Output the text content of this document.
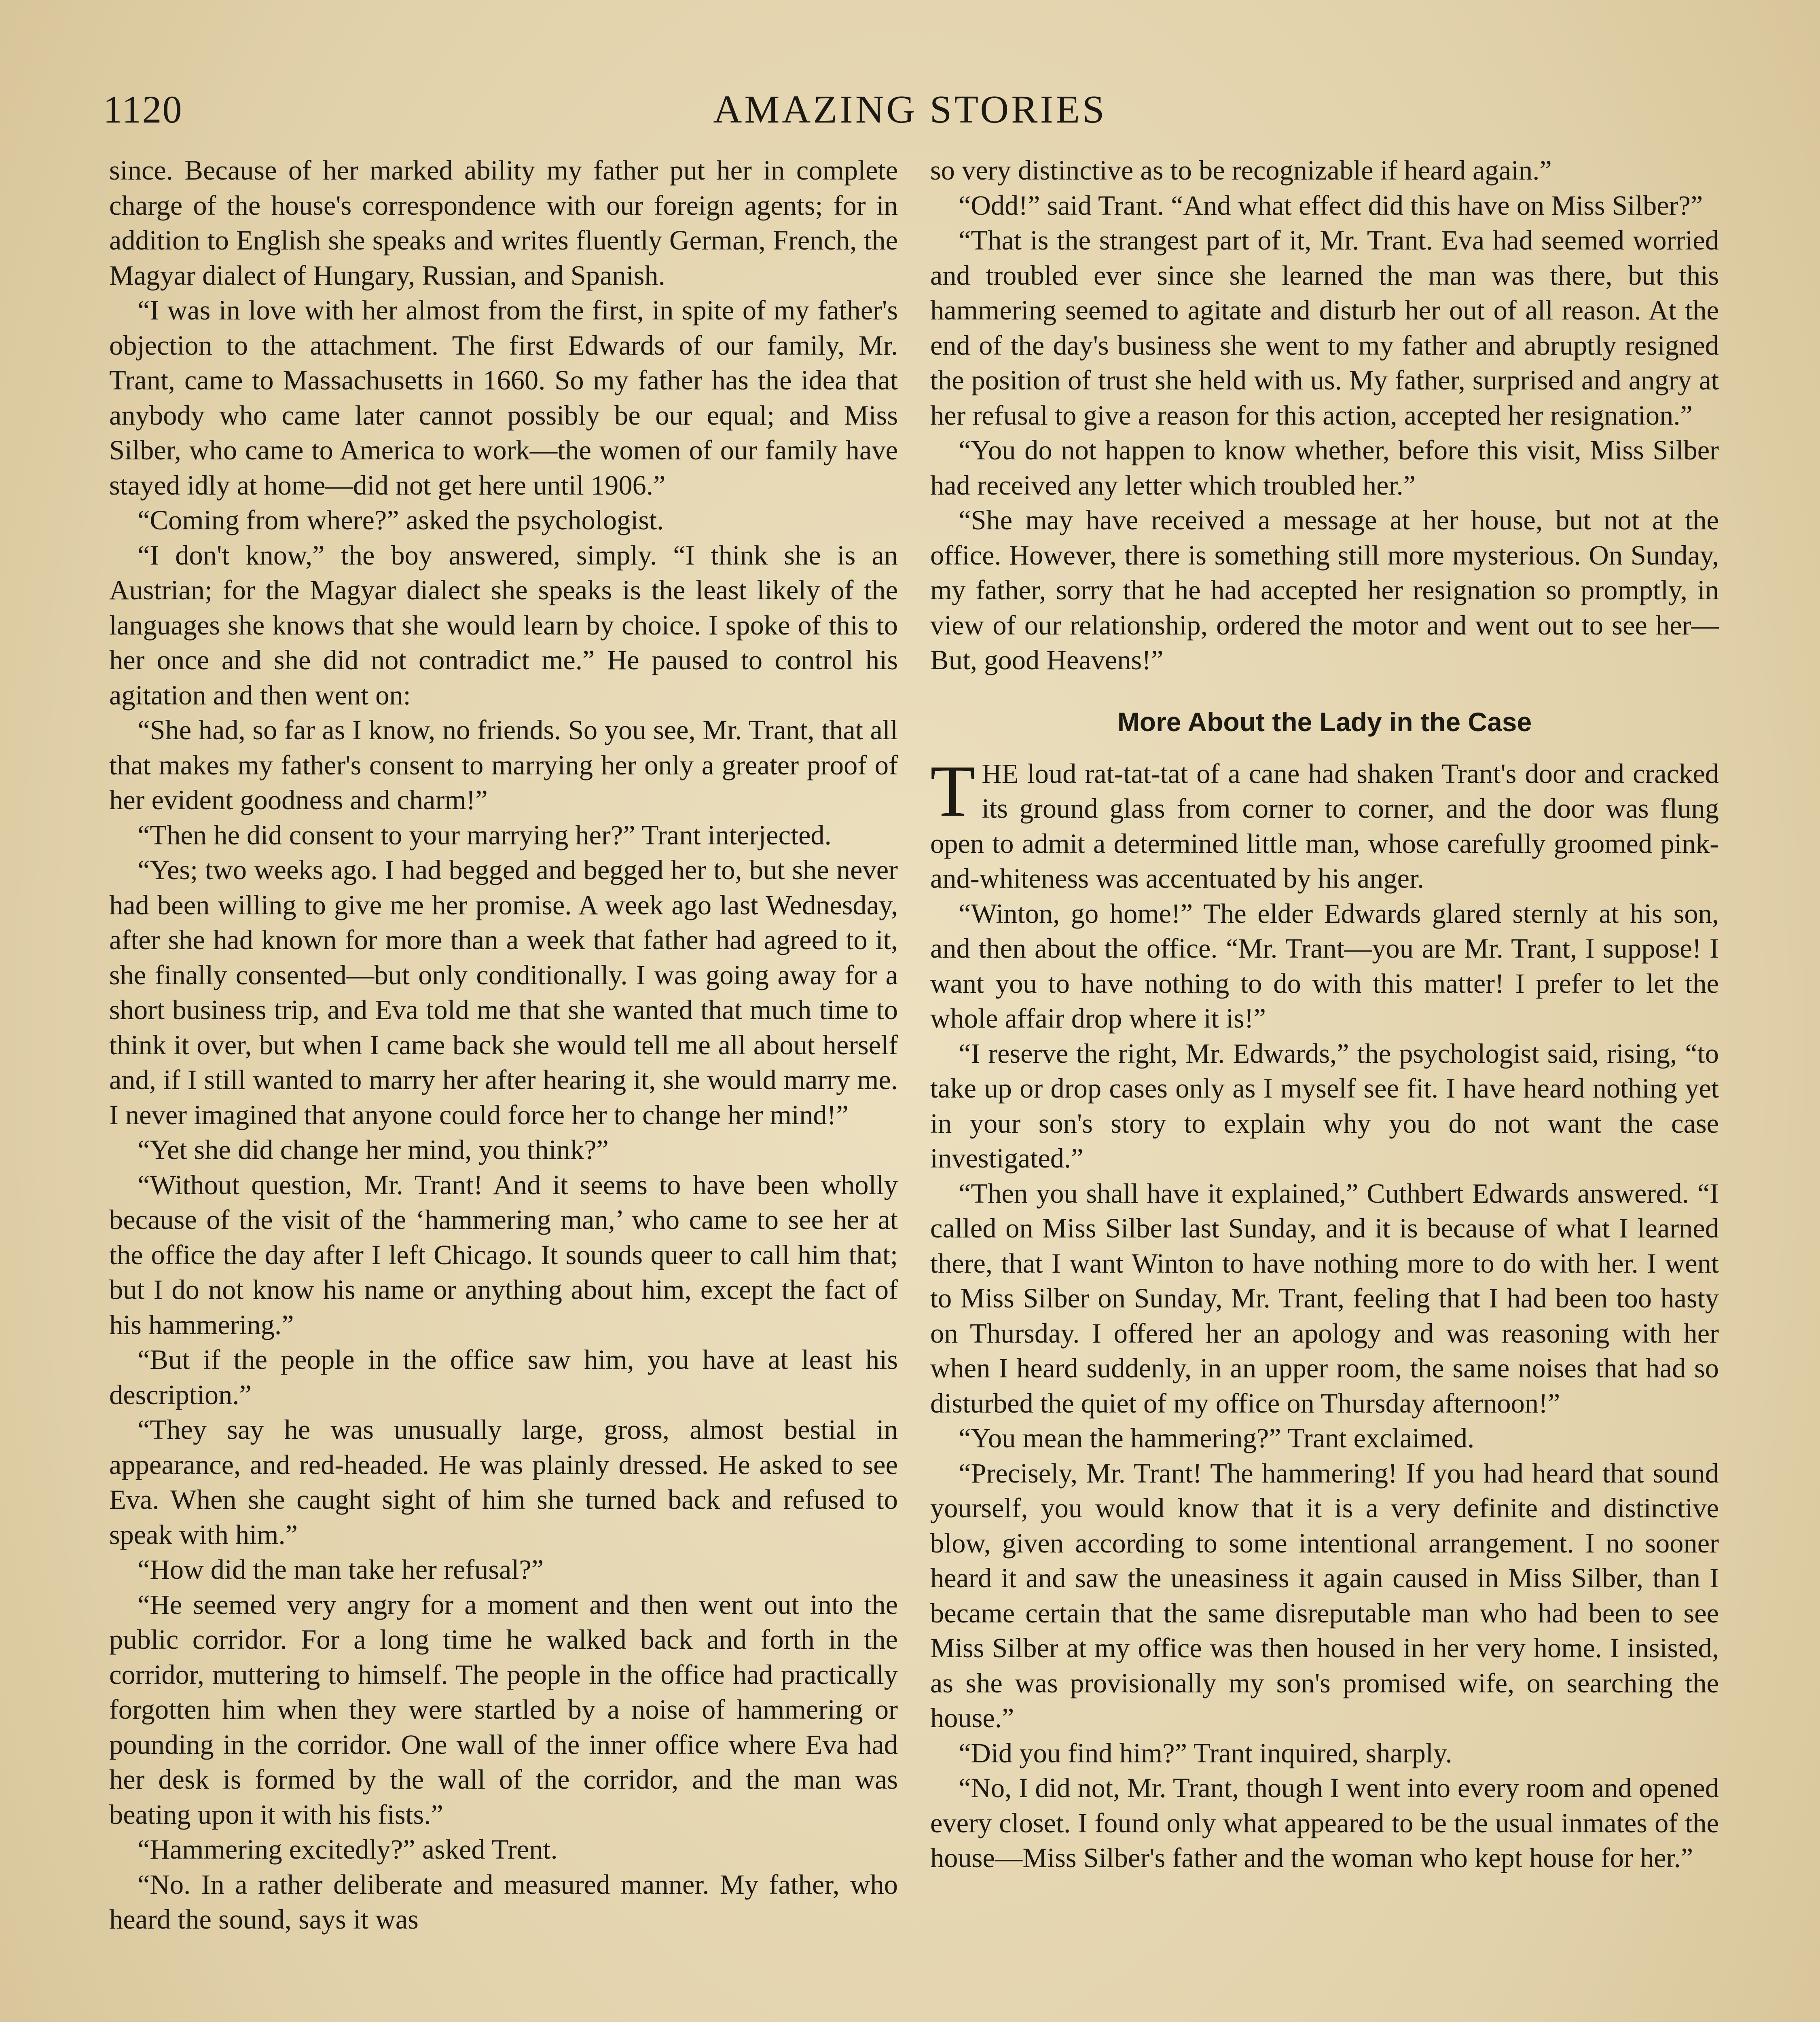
1120	AMAZING STORIES

since. Because of her marked ability my father put her in complete charge of the house's correspondence with our foreign agents; for in addition to English she speaks and writes fluently German, French, the Magyar dialect of Hungary, Russian, and Spanish.

“I was in love with her almost from the first, in spite of my father's objection to the attachment. The first Edwards of our family, Mr. Trant, came to Massachusetts in 1660. So my father has the idea that anybody who came later cannot possibly be our equal; and Miss Silber, who came to America to work—the women of our family have stayed idly at home—did not get here until 1906.”

“Coming from where?” asked the psychologist.

“I don't know,” the boy answered, simply. “I think she is an Austrian; for the Magyar dialect she speaks is the least likely of the languages she knows that she would learn by choice. I spoke of this to her once and she did not contradict me.” He paused to control his agitation and then went on:

“She had, so far as I know, no friends. So you see, Mr. Trant, that all that makes my father's consent to marrying her only a greater proof of her evident goodness and charm!”

“Then he did consent to your marrying her?” Trant interjected.

“Yes; two weeks ago. I had begged and begged her to, but she never had been willing to give me her promise. A week ago last Wednesday, after she had known for more than a week that father had agreed to it, she finally consented—but only conditionally. I was going away for a short business trip, and Eva told me that she wanted that much time to think it over, but when I came back she would tell me all about herself and, if I still wanted to marry her after hearing it, she would marry me. I never imagined that anyone could force her to change her mind!”

“Yet she did change her mind, you think?”

“Without question, Mr. Trant! And it seems to have been wholly because of the visit of the ‘hammering man,’ who came to see her at the office the day after I left Chicago. It sounds queer to call him that; but I do not know his name or anything about him, except the fact of his hammering.”

“But if the people in the office saw him, you have at least his description.”

“They say he was unusually large, gross, almost bestial in appearance, and red-headed. He was plainly dressed. He asked to see Eva. When she caught sight of him she turned back and refused to speak with him.”

“How did the man take her refusal?”

“He seemed very angry for a moment and then went out into the public corridor. For a long time he walked back and forth in the corridor, muttering to himself. The people in the office had practically forgotten him when they were startled by a noise of hammering or pounding in the corridor. One wall of the inner office where Eva had her desk is formed by the wall of the corridor, and the man was beating upon it with his fists.”

“Hammering excitedly?” asked Trent.

“No. In a rather deliberate and measured manner. My father, who heard the sound, says it was

so very distinctive as to be recognizable if heard again.”

“Odd!” said Trant. “And what effect did this have on Miss Silber?”

“That is the strangest part of it, Mr. Trant. Eva had seemed worried and troubled ever since she learned the man was there, but this hammering seemed to agitate and disturb her out of all reason. At the end of the day's business she went to my father and abruptly resigned the position of trust she held with us. My father, surprised and angry at her refusal to give a reason for this action, accepted her resignation.”

“You do not happen to know whether, before this visit, Miss Silber had received any letter which troubled her.”

“She may have received a message at her house, but not at the office. However, there is something still more mysterious. On Sunday, my father, sorry that he had accepted her resignation so promptly, in view of our relationship, ordered the motor and went out to see her— But, good Heavens!”

More About the Lady in the Case

THE loud rat-tat-tat of a cane had shaken Trant's door and cracked its ground glass from corner to corner, and the door was flung open to admit a determined little man, whose carefully groomed pink-and-whiteness was accentuated by his anger.

“Winton, go home!” The elder Edwards glared sternly at his son, and then about the office. “Mr. Trant—you are Mr. Trant, I suppose! I want you to have nothing to do with this matter! I prefer to let the whole affair drop where it is!”

“I reserve the right, Mr. Edwards,” the psychologist said, rising, “to take up or drop cases only as I myself see fit. I have heard nothing yet in your son's story to explain why you do not want the case investigated.”

“Then you shall have it explained,” Cuthbert Edwards answered. “I called on Miss Silber last Sunday, and it is because of what I learned there, that I want Winton to have nothing more to do with her. I went to Miss Silber on Sunday, Mr. Trant, feeling that I had been too hasty on Thursday. I offered her an apology and was reasoning with her when I heard suddenly, in an upper room, the same noises that had so disturbed the quiet of my office on Thursday afternoon!”

“You mean the hammering?” Trant exclaimed.

“Precisely, Mr. Trant! The hammering! If you had heard that sound yourself, you would know that it is a very definite and distinctive blow, given according to some intentional arrangement. I no sooner heard it and saw the uneasiness it again caused in Miss Silber, than I became certain that the same disreputable man who had been to see Miss Silber at my office was then housed in her very home. I insisted, as she was provisionally my son's promised wife, on searching the house.”

“Did you find him?” Trant inquired, sharply.

“No, I did not, Mr. Trant, though I went into every room and opened every closet. I found only what appeared to be the usual inmates of the house—Miss Silber's father and the woman who kept house for her.”
